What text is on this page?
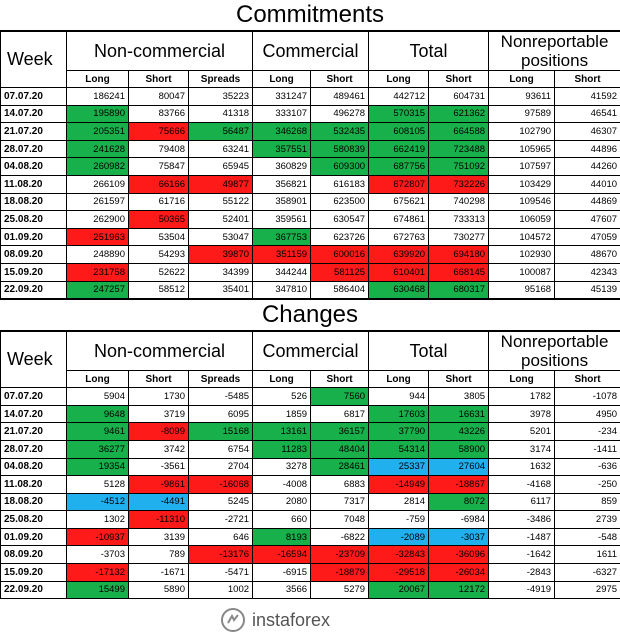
Commitments
Week	Non-commercial			Commercial		Total		Nonreportable
positions	
	Long	Short	Spreads	Long	Short	Long	Short	Long	Short
07.07.20	186241	80047	35223	331247	489461	442712	604731	93611	41592
14.07.20	195890	83766	41318	333107	496278	570315	621362	97589	46541
21.07.20	205351	75666	56487	346268	532435	608105	664588	102790	46307
28.07.20	241628	79408	63241	357551	580839	662419	723488	105965	44896
04.08.20	260982	75847	65945	360829	609300	687756	751092	107597	44260
11.08.20	266109	66166	49877	356821	616183	672807	732226	103429	44010
18.08.20	261597	61716	55122	358901	623500	675621	740298	109546	44869
25.08.20	262900	50365	52401	359561	630547	674861	733313	106059	47607
01.09.20	251963	53504	53047	367753	623726	672763	730277	104572	47059
08.09.20	248890	54293	39870	351159	600016	639920	694180	102930	48670
15.09.20	231758	52622	34399	344244	581125	610401	668145	100087	42343
22.09.20	247257	58512	35401	347810	586404	630468	680317	95168	45139
Changes
Week	Non-commercial			Commercial		Total		Nonreportable
positions	
	Long	Short	Spreads	Long	Short	Long	Short	Long	Short
07.07.20	5904	1730	-5485	526	7560	944	3805	1782	-1078
14.07.20	9648	3719	6095	1859	6817	17603	16631	3978	4950
21.07.20	9461	-8099	15168	13161	36157	37790	43226	5201	-234
28.07.20	36277	3742	6754	11283	48404	54314	58900	3174	-1411
04.08.20	19354	-3561	2704	3278	28461	25337	27604	1632	-636
11.08.20	5128	-9861	-16068	-4008	6883	-14949	-18867	-4168	-250
18.08.20	-4512	-4491	5245	2080	7317	2814	8072	6117	859
25.08.20	1302	-11310	-2721	660	7048	-759	-6984	-3486	2739
01.09.20	-10937	3139	646	8193	-6822	-2089	-3037	-1487	-548
08.09.20	-3703	789	-13176	-16594	-23709	-32843	-36096	-1642	1611
15.09.20	-17132	-1671	-5471	-6915	-18879	-29518	-26034	-2843	-6327
22.09.20	15499	5890	1002	3566	5279	20067	12172	-4919	2975
instaforex
